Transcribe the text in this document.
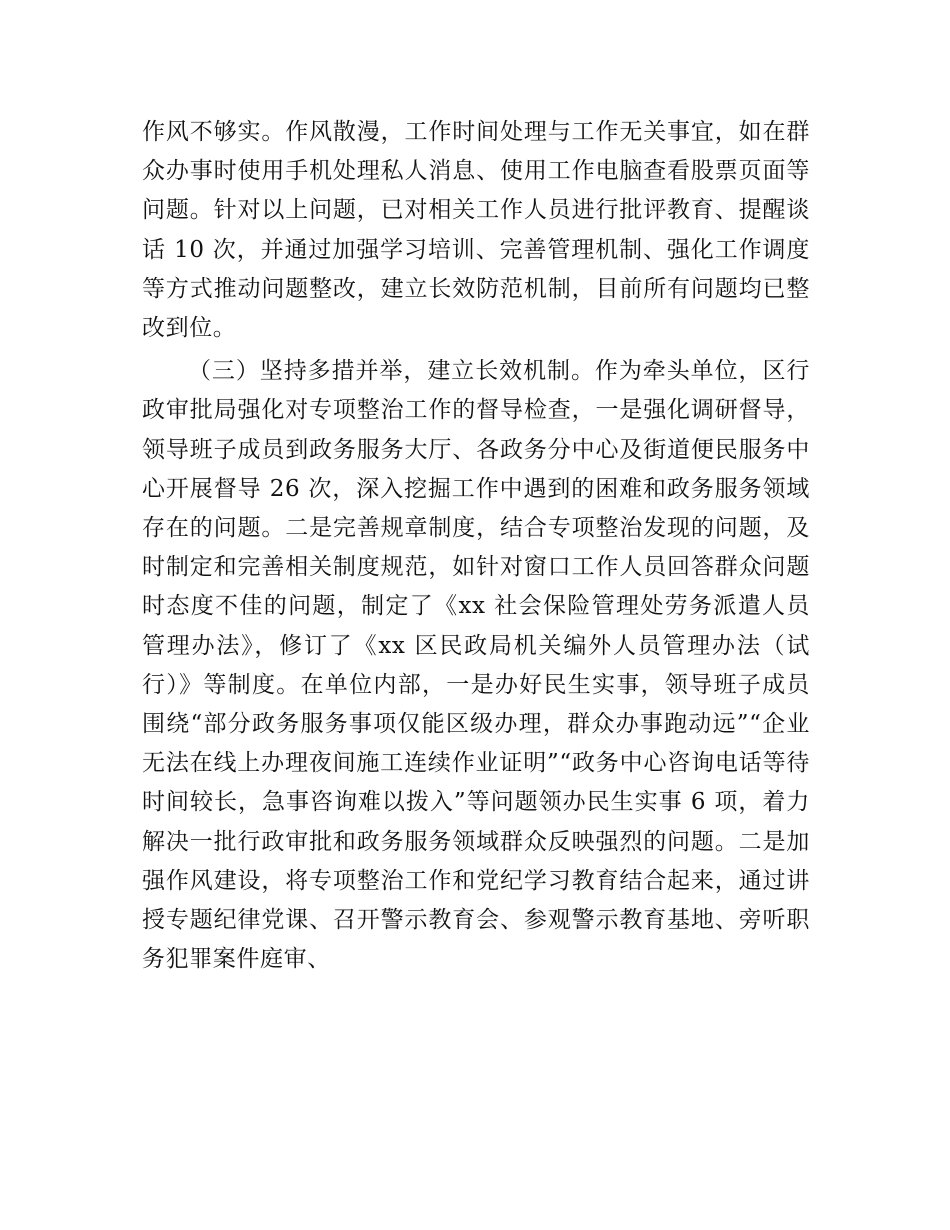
作风不够实。作风散漫，工作时间处理与工作无关事宜，如在群众办事时使用手机处理私人消息、使用工作电脑查看股票页面等问题。针对以上问题，已对相关工作人员进行批评教育、提醒谈话 10 次，并通过加强学习培训、完善管理机制、强化工作调度等方式推动问题整改，建立长效防范机制，目前所有问题均已整改到位。

（三）坚持多措并举，建立长效机制。作为牵头单位，区行政审批局强化对专项整治工作的督导检查，一是强化调研督导，领导班子成员到政务服务大厅、各政务分中心及街道便民服务中心开展督导 26 次，深入挖掘工作中遇到的困难和政务服务领域存在的问题。二是完善规章制度，结合专项整治发现的问题，及时制定和完善相关制度规范，如针对窗口工作人员回答群众问题时态度不佳的问题，制定了《xx 社会保险管理处劳务派遣人员管理办法》，修订了《xx 区民政局机关编外人员管理办法（试行）》等制度。在单位内部，一是办好民生实事，领导班子成员围绕“部分政务服务事项仅能区级办理，群众办事跑动远”“企业无法在线上办理夜间施工连续作业证明”“政务中心咨询电话等待时间较长，急事咨询难以拨入”等问题领办民生实事 6 项，着力解决一批行政审批和政务服务领域群众反映强烈的问题。二是加强作风建设，将专项整治工作和党纪学习教育结合起来，通过讲授专题纪律党课、召开警示教育会、参观警示教育基地、旁听职务犯罪案件庭审、
